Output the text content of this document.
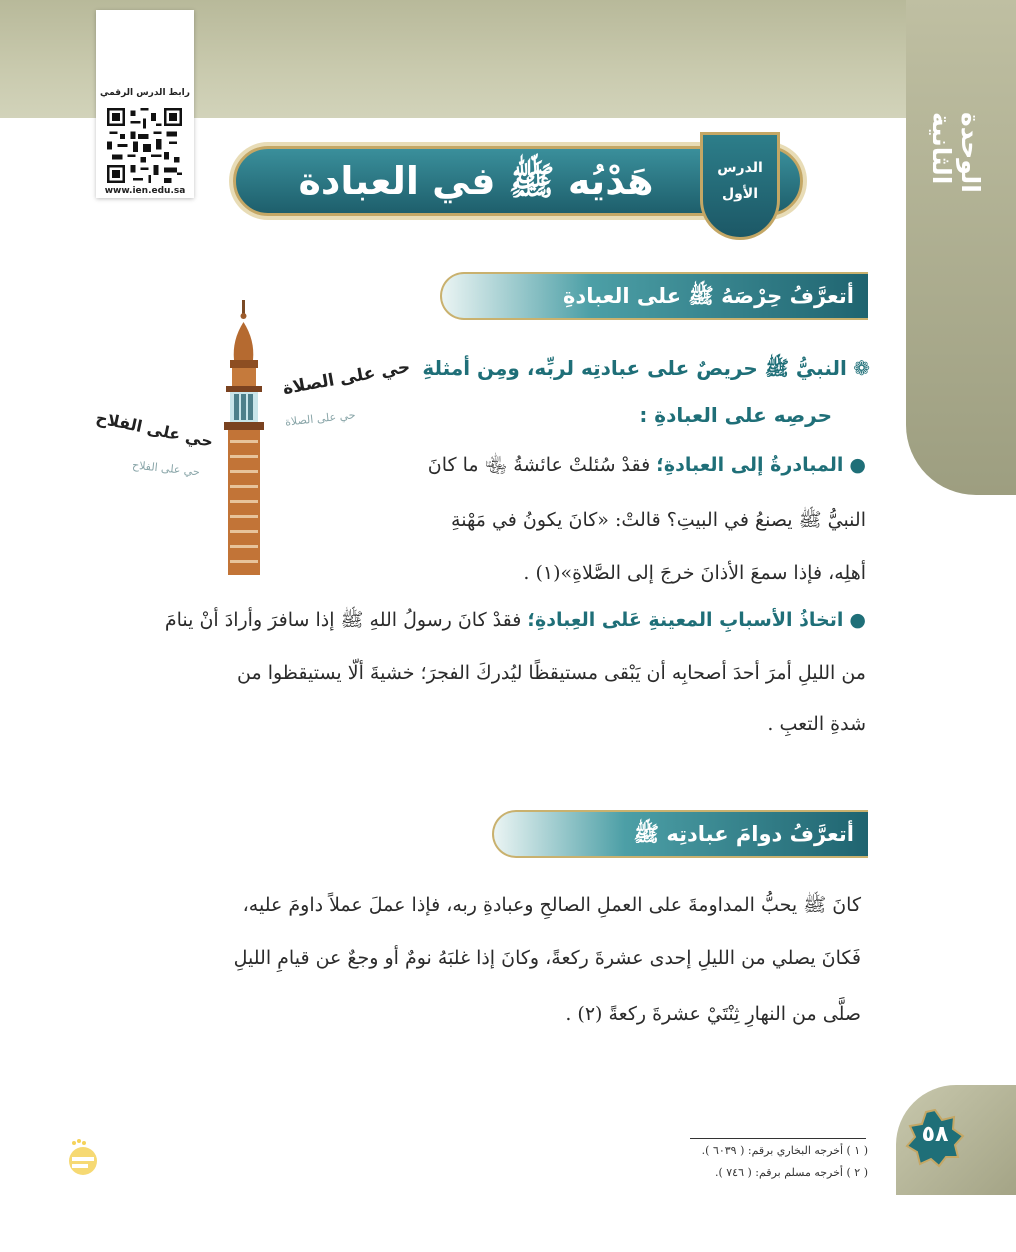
الوحدة الثانية
رابط الدرس الرقمي
www.ien.edu.sa	هَدْيُه ﷺ في العبادة	الدرس
الأول
أتعرَّفُ حِرْصَهُ ﷺ على العبادةِ
حي على الصلاة
حي على الصلاة
حي على الفلاح
حي على الفلاح
❁ النبيُّ ﷺ حريصٌ على عبادتِه لربِّه، ومِن أمثلةِ
حرصِه على العبادةِ :
● المبادرةُ إلى العبادةِ؛ فقدْ سُئلتْ عائشةُ ﵄ ما كانَ
النبيُّ ﷺ يصنعُ في البيتِ؟ قالتْ: «كانَ يكونُ في مَهْنةِ
أهلِه، فإذا سمعَ الأذانَ خرجَ إلى الصَّلاةِ»(١) .
● اتخاذُ الأسبابِ المعينةِ عَلى العِبادةِ؛ فقدْ كانَ رسولُ اللهِ ﷺ إذا سافرَ وأرادَ أنْ ينامَ
من الليلِ أمرَ أحدَ أصحابِه أن يَبْقى مستيقظًا ليُدركَ الفجرَ؛ خشيةَ ألّا يستيقظوا من
شدةِ التعبِ .
أتعرَّفُ دوامَ عبادتِه ﷺ
كانَ ﷺ يحبُّ المداومةَ على العملِ الصالحِ وعبادةِ ربه، فإذا عملَ عملاً داومَ عليه،
فَكانَ يصلي من الليلِ إحدى عشرةَ ركعةً، وكانَ إذا غلبَهُ نومٌ أو وجعٌ عن قيامِ الليلِ
صلَّى من النهارِ ثِنْتَيْ عشرةَ ركعةً (٢) .
( ١ ) أخرجه البخاري برقم: ( ٦٠٣٩ ).
( ٢ ) أخرجه مسلم برقم: ( ٧٤٦ ).
٥٨
